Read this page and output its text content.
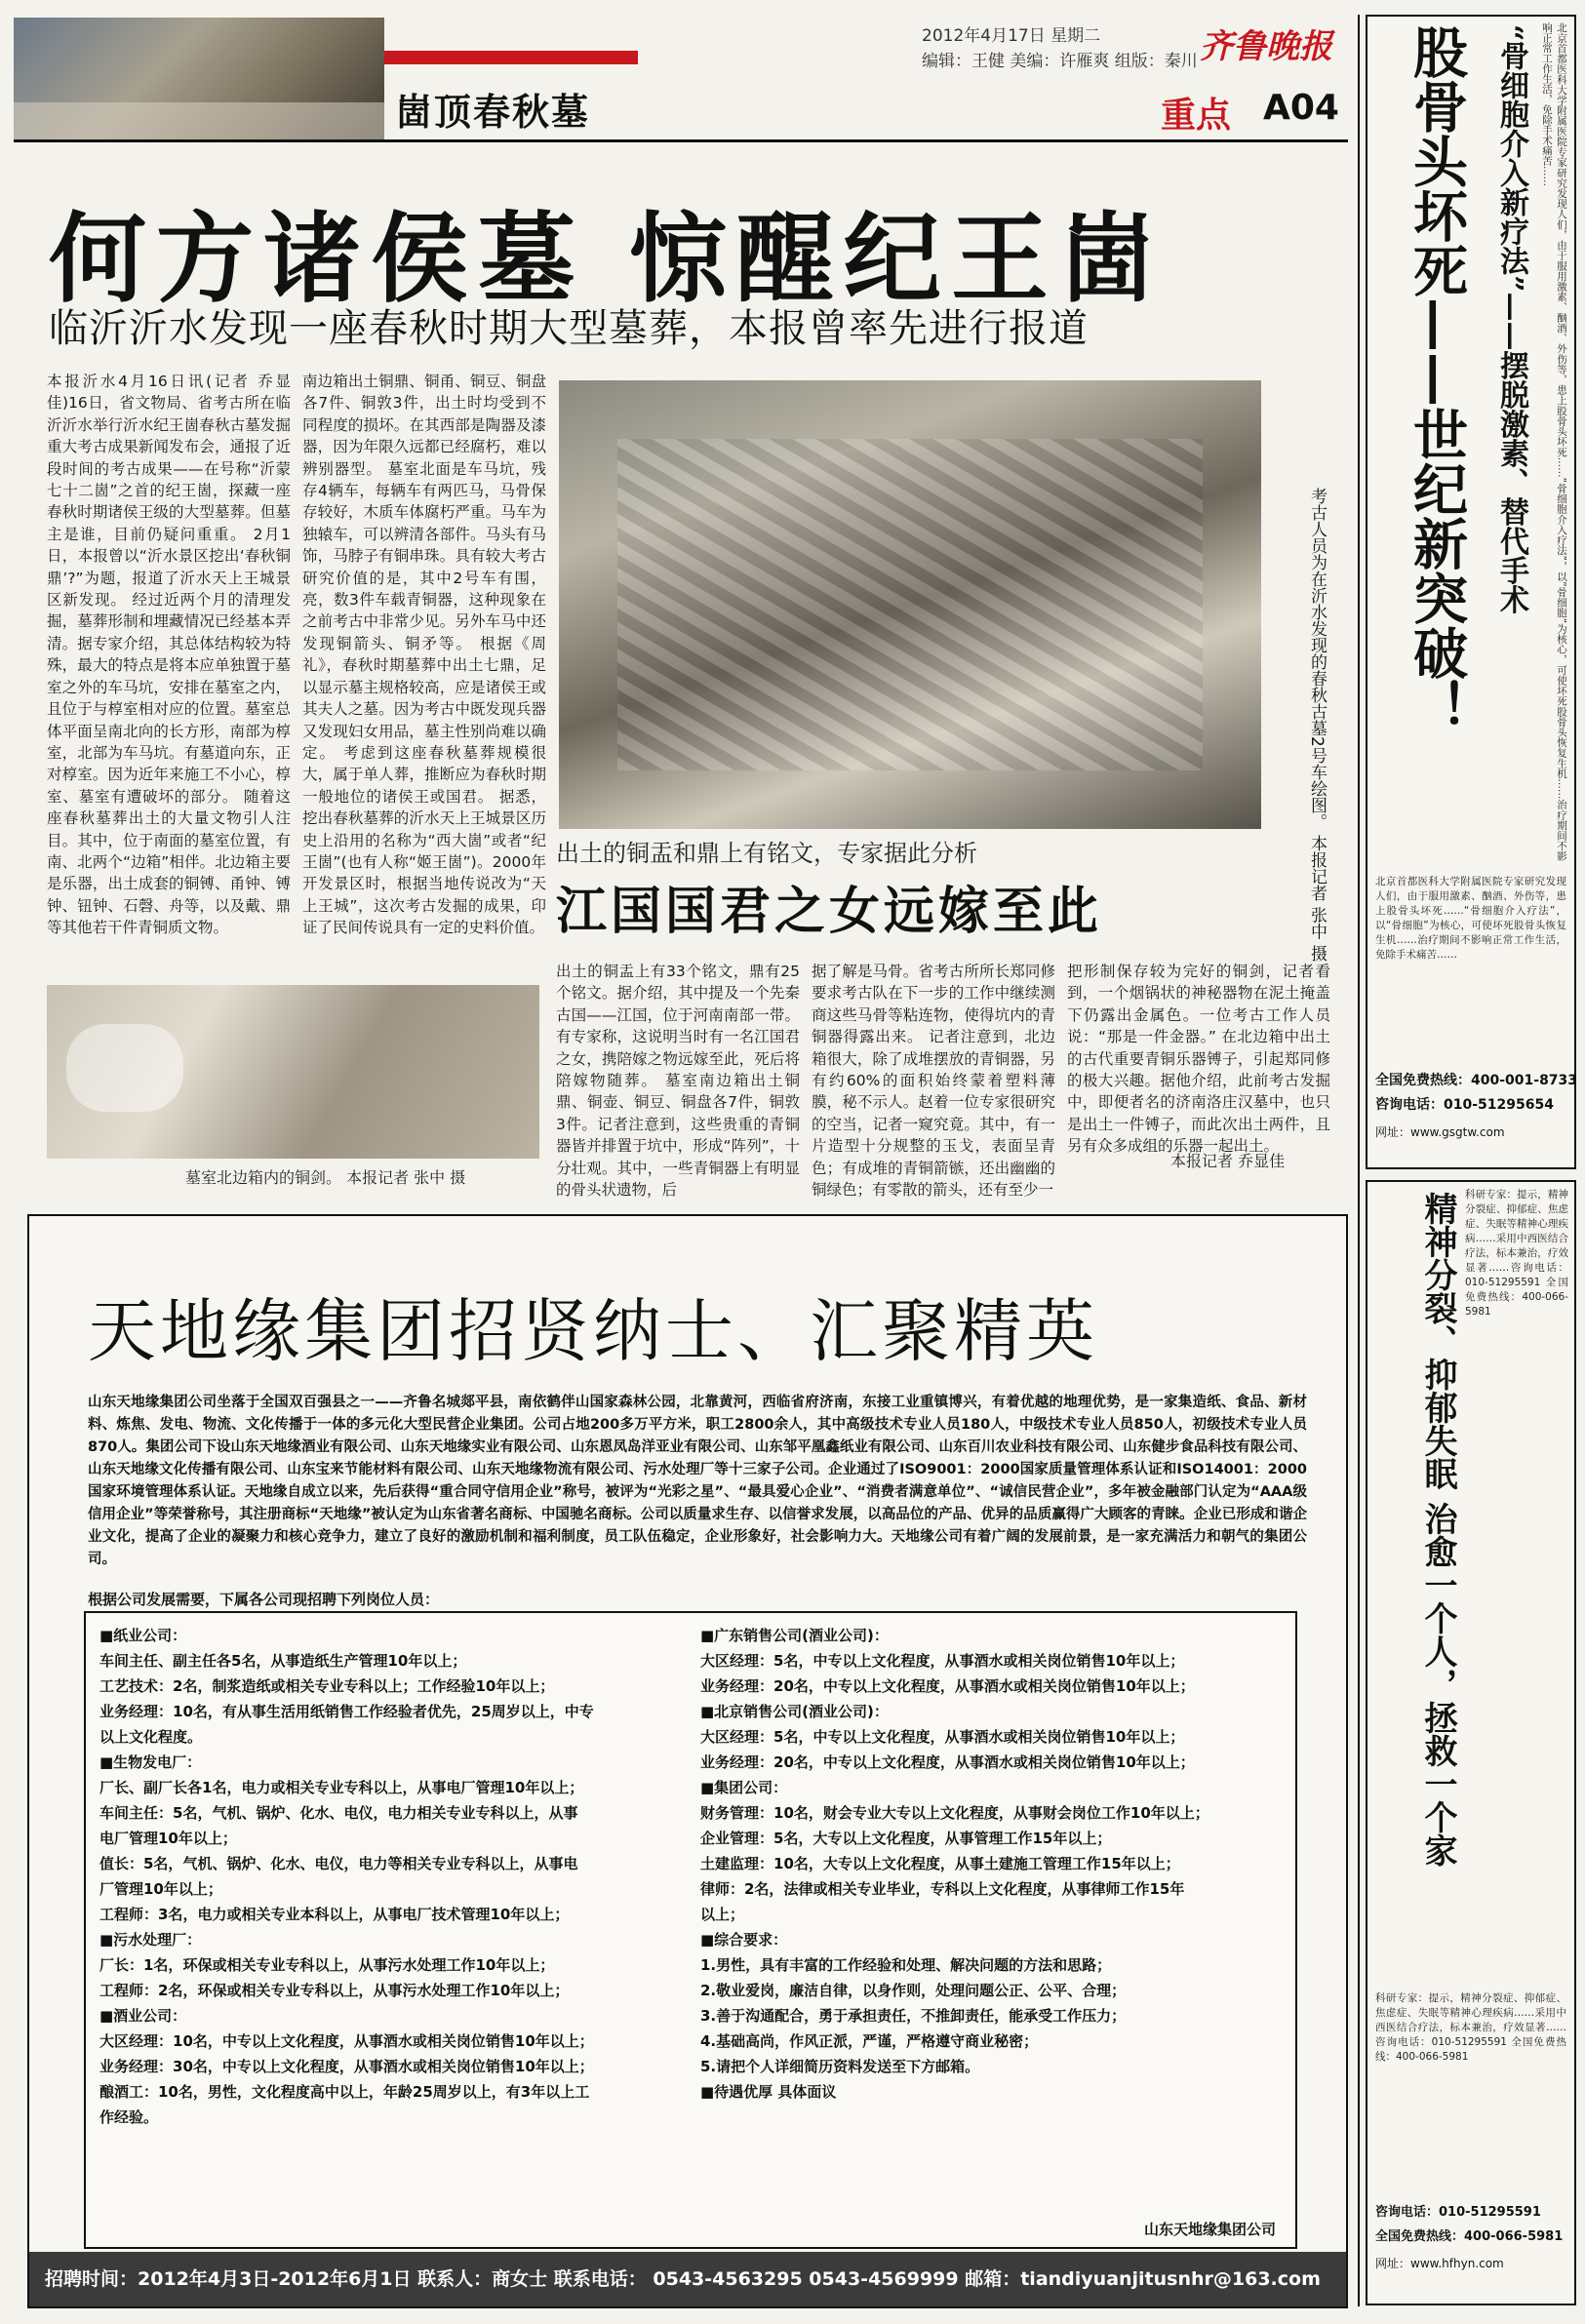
崮顶春秋墓
2012年4月17日 星期二
编辑：王健 美编：许雁爽 组版：秦川 齐鲁晚报
重点 A04
何方诸侯墓 惊醒纪王崮
临沂沂水发现一座春秋时期大型墓葬，本报曾率先进行报道
本报沂水4月16日讯(记者 乔显佳)16日，省文物局、省考古所在临沂沂水举行沂水纪王崮春秋古墓发掘重大考古成果新闻发布会，通报了近段时间的考古成果——在号称“沂蒙七十二崮”之首的纪王崮，探藏一座春秋时期诸侯王级的大型墓葬。但墓主是谁，目前仍疑问重重。 2月1日，本报曾以“沂水景区挖出‘春秋铜鼎’?”为题，报道了沂水天上王城景区新发现。 经过近两个月的清理发掘，墓葬形制和埋藏情况已经基本弄清。据专家介绍，其总体结构较为特殊，最大的特点是将本应单独置于墓室之外的车马坑，安排在墓室之内，且位于与椁室相对应的位置。墓室总体平面呈南北向的长方形，南部为椁室，北部为车马坑。有墓道向东，正对椁室。因为近年来施工不小心，椁室、墓室有遭破坏的部分。 随着这座春秋墓葬出土的大量文物引人注目。其中，位于南面的墓室位置，有南、北两个“边箱”相伴。北边箱主要是乐器，出土成套的铜镈、甬钟、镈钟、钮钟、石磬、舟等，以及戴、鼎等其他若干件青铜质文物。
南边箱出土铜鼎、铜甬、铜豆、铜盘各7件、铜敦3件，出土时均受到不同程度的损坏。在其西部是陶器及漆器，因为年限久远都已经腐朽，难以辨别器型。 墓室北面是车马坑，残存4辆车，每辆车有两匹马，马骨保存较好，木质车体腐朽严重。马车为独辕车，可以辨清各部件。马头有马饰，马脖子有铜串珠。具有较大考古研究价值的是，其中2号车有围，亮，数3件车载青铜器，这种现象在之前考古中非常少见。另外车马中还发现铜箭头、铜矛等。 根据《周礼》，春秋时期墓葬中出土七鼎，足以显示墓主规格较高，应是诸侯王或其夫人之墓。因为考古中既发现兵器又发现妇女用品，墓主性别尚难以确定。 考虑到这座春秋墓葬规模很大，属于单人葬，推断应为春秋时期一般地位的诸侯王或国君。 据悉，挖出春秋墓葬的沂水天上王城景区历史上沿用的名称为“西大崮”或者“纪王崮”(也有人称“姬王崮”)。2000年开发景区时，根据当地传说改为“天上王城”，这次考古发掘的成果，印证了民间传说具有一定的史料价值。	考古人员为在沂水发现的春秋古墓2号车绘图。 本报记者 张中 摄
墓室北边箱内的铜剑。 本报记者 张中 摄
出土的铜盂和鼎上有铭文，专家据此分析
江国国君之女远嫁至此
出土的铜盂上有33个铭文，鼎有25个铭文。据介绍，其中提及一个先秦古国——江国，位于河南南部一带。有专家称，这说明当时有一名江国君之女，携陪嫁之物远嫁至此，死后将陪嫁物随葬。 墓室南边箱出土铜鼎、铜壶、铜豆、铜盘各7件，铜敦3件。记者注意到，这些贵重的青铜器皆并排置于坑中，形成“阵列”，十分壮观。其中，一些青铜器上有明显的骨头状遗物，后
据了解是马骨。省考古所所长郑同修要求考古队在下一步的工作中继续测商这些马骨等粘连物，使得坑内的青铜器得露出来。 记者注意到，北边箱很大，除了成堆摆放的青铜器，另有约60%的面积始终蒙着塑料薄膜，秘不示人。赵着一位专家很研究的空当，记者一窥究竟。其中，有一片造型十分规整的玉戈，表面呈青色；有成堆的青铜箭镞，还出幽幽的铜绿色；有零散的箭头，还有至少一
把形制保存较为完好的铜剑，记者看到，一个烟锅状的神秘器物在泥土掩盖下仍露出金属色。一位考古工作人员说：“那是一件金器。” 在北边箱中出土的古代重要青铜乐器镈子，引起郑同修的极大兴趣。据他介绍，此前考古发掘中，即便者名的济南洛庄汉墓中，也只是出土一件镈子，而此次出土两件，且另有众多成组的乐器一起出土。
本报记者 乔显佳
股骨头坏死——世纪新突破！ “骨细胞介入新疗法”——摆脱激素、替代手术	北京首都医科大学附属医院专家研究发现人们，由于服用激素、酗酒、外伤等，患上股骨头坏死……“骨细胞介入疗法”，以“骨细胞”为核心，可使坏死股骨头恢复生机……治疗期间不影响正常工作生活，免除手术痛苦……
北京首都医科大学附属医院专家研究发现人们，由于服用激素、酗酒、外伤等，患上股骨头坏死……“骨细胞介入疗法”，以“骨细胞”为核心，可使坏死股骨头恢复生机……治疗期间不影响正常工作生活，免除手术痛苦……
全国免费热线：400-001-8733
咨询电话：010-51295654
网址：www.gsgtw.com
精神分裂、抑郁失眠 治愈一个人，拯救一个家 科研专家：提示，精神分裂症、抑郁症、焦虑症、失眠等精神心理疾病……采用中西医结合疗法，标本兼治，疗效显著……咨询电话：010-51295591 全国免费热线：400-066-5981
科研专家：提示，精神分裂症、抑郁症、焦虑症、失眠等精神心理疾病……采用中西医结合疗法，标本兼治，疗效显著……咨询电话：010-51295591 全国免费热线：400-066-5981
咨询电话：010-51295591
全国免费热线：400-066-5981
网址：www.hfhyn.com
天地缘集团招贤纳士、汇聚精英
山东天地缘集团公司坐落于全国双百强县之一——齐鲁名城郯平县，南依鹤伴山国家森林公园，北靠黄河，西临省府济南，东接工业重镇博兴，有着优越的地理优势，是一家集造纸、食品、新材料、炼焦、发电、物流、文化传播于一体的多元化大型民营企业集团。公司占地200多万平方米，职工2800余人，其中高级技术专业人员180人，中级技术专业人员850人，初级技术专业人员870人。集团公司下设山东天地缘酒业有限公司、山东天地缘实业有限公司、山东恩凤岛洋亚业有限公司、山东邹平凰鑫纸业有限公司、山东百川农业科技有限公司、山东健步食品科技有限公司、山东天地缘文化传播有限公司、山东宝来节能材料有限公司、山东天地缘物流有限公司、污水处理厂等十三家子公司。企业通过了ISO9001：2000国家质量管理体系认证和ISO14001：2000国家环境管理体系认证。天地缘自成立以来，先后获得“重合同守信用企业”称号，被评为“光彩之星”、“最具爱心企业”、“消费者满意单位”、“诚信民营企业”，多年被金融部门认定为“AAA级信用企业”等荣誉称号，其注册商标“天地缘”被认定为山东省著名商标、中国驰名商标。公司以质量求生存、以信誉求发展，以高品位的产品、优异的品质赢得广大顾客的青睐。企业已形成和谐企业文化，提高了企业的凝聚力和核心竞争力，建立了良好的激励机制和福利制度，员工队伍稳定，企业形象好，社会影响力大。天地缘公司有着广阔的发展前景，是一家充满活力和朝气的集团公司。
根据公司发展需要，下属各公司现招聘下列岗位人员：
■纸业公司：
车间主任、副主任各5名，从事造纸生产管理10年以上；
工艺技术：2名，制浆造纸或相关专业专科以上；工作经验10年以上；
业务经理：10名，有从事生活用纸销售工作经验者优先，25周岁以上，中专
以上文化程度。
■生物发电厂：
厂长、副厂长各1名，电力或相关专业专科以上，从事电厂管理10年以上；
车间主任：5名，气机、锅炉、化水、电仪，电力相关专业专科以上，从事
电厂管理10年以上；
值长：5名，气机、锅炉、化水、电仪，电力等相关专业专科以上，从事电
厂管理10年以上；
工程师：3名，电力或相关专业本科以上，从事电厂技术管理10年以上；
■污水处理厂：
厂长：1名，环保或相关专业专科以上，从事污水处理工作10年以上；
工程师：2名，环保或相关专业专科以上，从事污水处理工作10年以上；
■酒业公司：
大区经理：10名，中专以上文化程度，从事酒水或相关岗位销售10年以上；
业务经理：30名，中专以上文化程度，从事酒水或相关岗位销售10年以上；
酿酒工：10名，男性，文化程度高中以上，年龄25周岁以上，有3年以上工
作经验。
■广东销售公司(酒业公司)：
大区经理：5名，中专以上文化程度，从事酒水或相关岗位销售10年以上；
业务经理：20名，中专以上文化程度，从事酒水或相关岗位销售10年以上；
■北京销售公司(酒业公司)：
大区经理：5名，中专以上文化程度，从事酒水或相关岗位销售10年以上；
业务经理：20名，中专以上文化程度，从事酒水或相关岗位销售10年以上；
■集团公司：
财务管理：10名，财会专业大专以上文化程度，从事财会岗位工作10年以上；
企业管理：5名，大专以上文化程度，从事管理工作15年以上；
土建监理：10名，大专以上文化程度，从事土建施工管理工作15年以上；
律师：2名，法律或相关专业毕业，专科以上文化程度，从事律师工作15年
以上；
■综合要求：
1.男性，具有丰富的工作经验和处理、解决问题的方法和思路；
2.敬业爱岗，廉洁自律，以身作则，处理问题公正、公平、合理；
3.善于沟通配合，勇于承担责任，不推卸责任，能承受工作压力；
4.基础高尚，作风正派，严谨，严格遵守商业秘密；
5.请把个人详细简历资料发送至下方邮箱。
■待遇优厚 具体面议
山东天地缘集团公司
招聘时间：2012年4月3日-2012年6月1日 联系人：商女士 联系电话： 0543-4563295 0543-4569999 邮箱：tiandiyuanjitusnhr@163.com
